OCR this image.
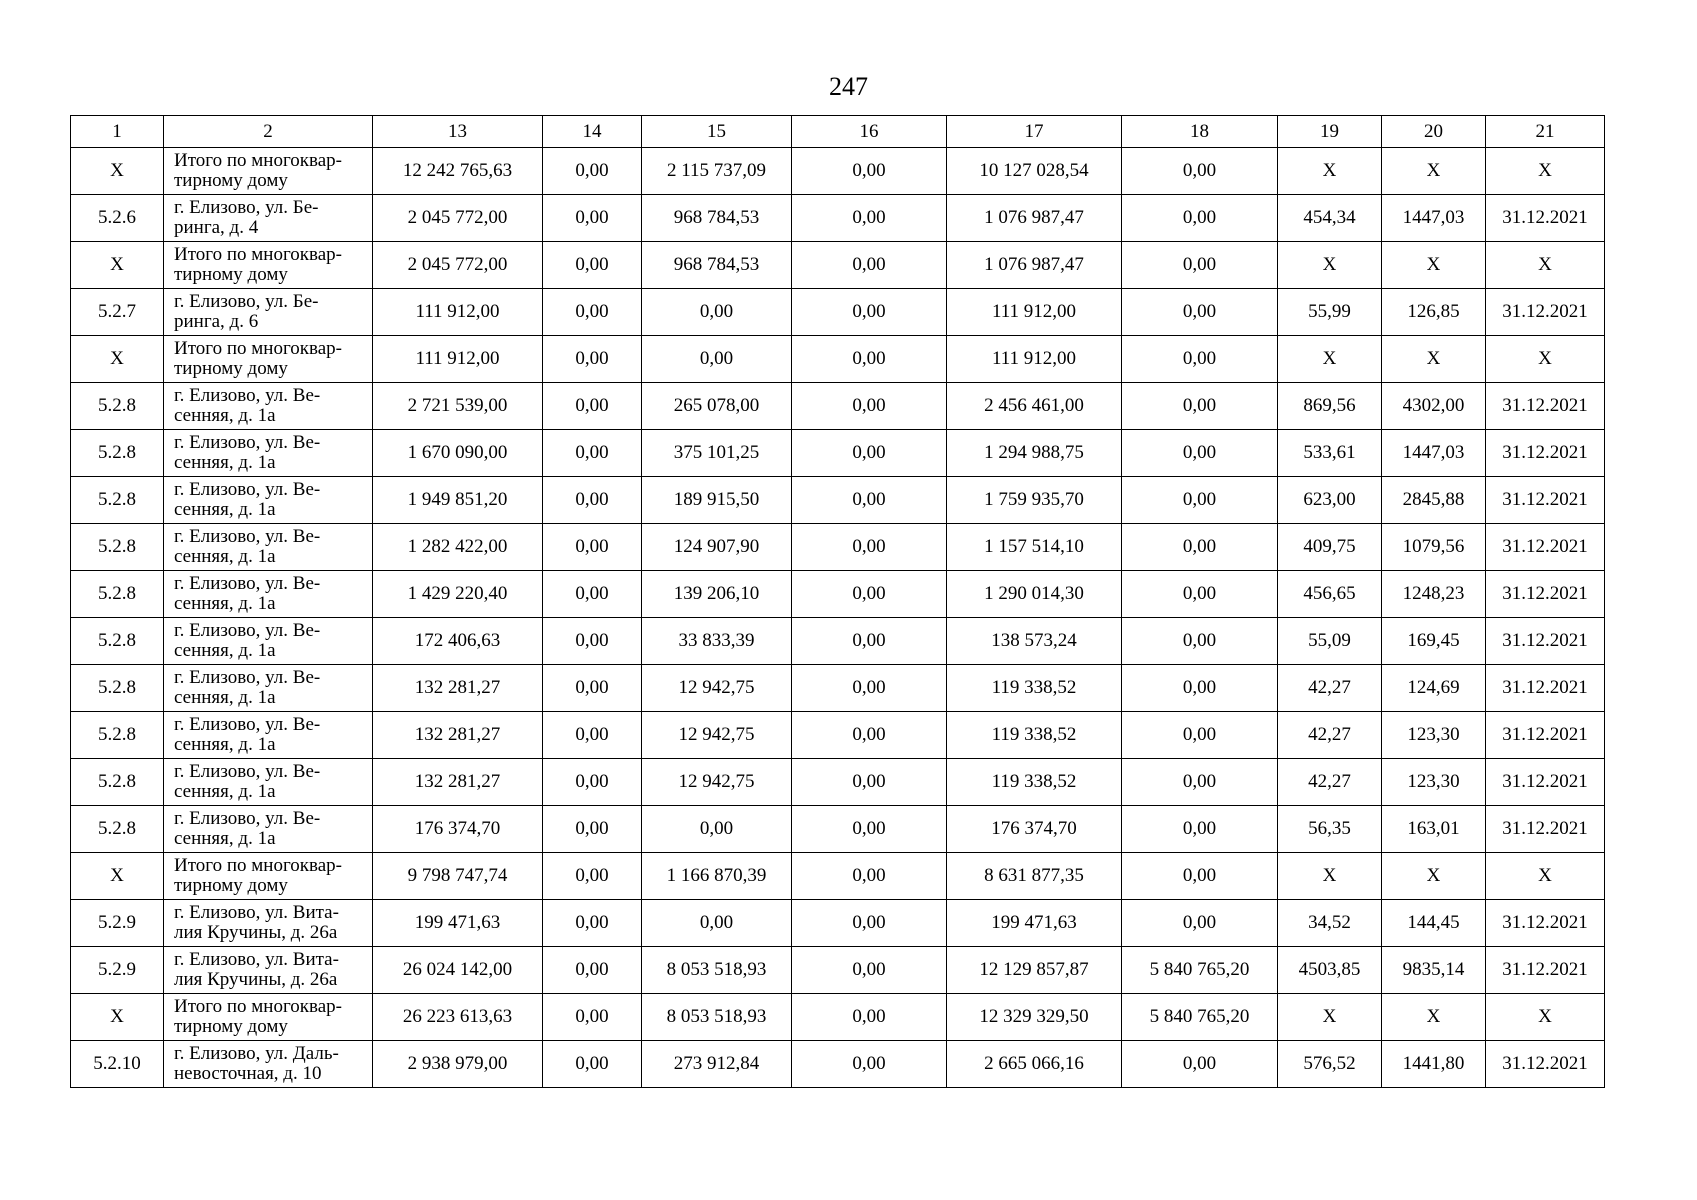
247
1	2	13	14	15	16	17	18	19	20	21
X	Итого по многоквар-
тирному дому	12 242 765,63	0,00	2 115 737,09	0,00	10 127 028,54	0,00	X	X	X
5.2.6	г. Елизово, ул. Бе-
ринга, д. 4	2 045 772,00	0,00	968 784,53	0,00	1 076 987,47	0,00	454,34	1447,03	31.12.2021
X	Итого по многоквар-
тирному дому	2 045 772,00	0,00	968 784,53	0,00	1 076 987,47	0,00	X	X	X
5.2.7	г. Елизово, ул. Бе-
ринга, д. 6	111 912,00	0,00	0,00	0,00	111 912,00	0,00	55,99	126,85	31.12.2021
X	Итого по многоквар-
тирному дому	111 912,00	0,00	0,00	0,00	111 912,00	0,00	X	X	X
5.2.8	г. Елизово, ул. Ве-
сенняя, д. 1а	2 721 539,00	0,00	265 078,00	0,00	2 456 461,00	0,00	869,56	4302,00	31.12.2021
5.2.8	г. Елизово, ул. Ве-
сенняя, д. 1а	1 670 090,00	0,00	375 101,25	0,00	1 294 988,75	0,00	533,61	1447,03	31.12.2021
5.2.8	г. Елизово, ул. Ве-
сенняя, д. 1а	1 949 851,20	0,00	189 915,50	0,00	1 759 935,70	0,00	623,00	2845,88	31.12.2021
5.2.8	г. Елизово, ул. Ве-
сенняя, д. 1а	1 282 422,00	0,00	124 907,90	0,00	1 157 514,10	0,00	409,75	1079,56	31.12.2021
5.2.8	г. Елизово, ул. Ве-
сенняя, д. 1а	1 429 220,40	0,00	139 206,10	0,00	1 290 014,30	0,00	456,65	1248,23	31.12.2021
5.2.8	г. Елизово, ул. Ве-
сенняя, д. 1а	172 406,63	0,00	33 833,39	0,00	138 573,24	0,00	55,09	169,45	31.12.2021
5.2.8	г. Елизово, ул. Ве-
сенняя, д. 1а	132 281,27	0,00	12 942,75	0,00	119 338,52	0,00	42,27	124,69	31.12.2021
5.2.8	г. Елизово, ул. Ве-
сенняя, д. 1а	132 281,27	0,00	12 942,75	0,00	119 338,52	0,00	42,27	123,30	31.12.2021
5.2.8	г. Елизово, ул. Ве-
сенняя, д. 1а	132 281,27	0,00	12 942,75	0,00	119 338,52	0,00	42,27	123,30	31.12.2021
5.2.8	г. Елизово, ул. Ве-
сенняя, д. 1а	176 374,70	0,00	0,00	0,00	176 374,70	0,00	56,35	163,01	31.12.2021
X	Итого по многоквар-
тирному дому	9 798 747,74	0,00	1 166 870,39	0,00	8 631 877,35	0,00	X	X	X
5.2.9	г. Елизово, ул. Вита-
лия Кручины, д. 26а	199 471,63	0,00	0,00	0,00	199 471,63	0,00	34,52	144,45	31.12.2021
5.2.9	г. Елизово, ул. Вита-
лия Кручины, д. 26а	26 024 142,00	0,00	8 053 518,93	0,00	12 129 857,87	5 840 765,20	4503,85	9835,14	31.12.2021
X	Итого по многоквар-
тирному дому	26 223 613,63	0,00	8 053 518,93	0,00	12 329 329,50	5 840 765,20	X	X	X
5.2.10	г. Елизово, ул. Даль-
невосточная, д. 10	2 938 979,00	0,00	273 912,84	0,00	2 665 066,16	0,00	576,52	1441,80	31.12.2021
